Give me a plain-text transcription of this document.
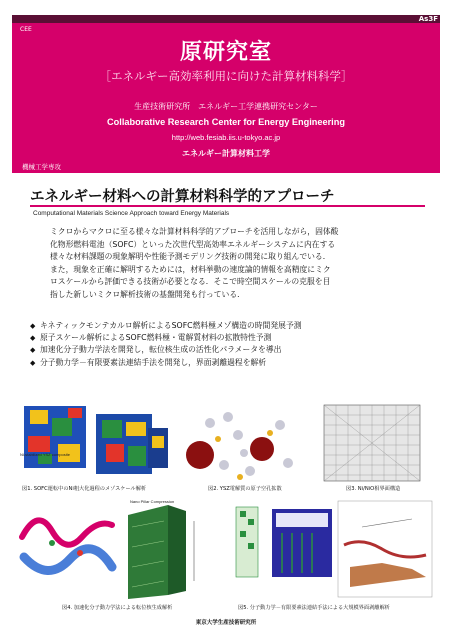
As3F
CEE
原研究室
［エネルギー高効率利用に向けた計算材料科学］
生産技術研究所　エネルギー工学連携研究センター
Collaborative Research Center for Energy Engineering
http://web.fesiab.iis.u-tokyo.ac.jp
エネルギー計算材料工学
機械工学専攻
エネルギー材料への計算材料科学的アプローチ
Computational Materials Science Approach toward Energy Materials
ミクロからマクロに至る様々な計算材料科学的アプローチを活用しながら，固体酸
化物形燃料電池（SOFC）といった次世代型高効率エネルギーシステムに内在する
様々な材料課題の現象解明や性能予測モデリング技術の開発に取り組んでいる．
また，現象を正確に解明するためには，材料挙動の速度論的情報を高精度にミク
ロスケールから評価できる技術が必要となる．そこで時空間スケールの克服を目
指した新しいミクロ解析技術の基盤開発も行っている．
◆ キネティックモンテカルロ解析によるSOFC燃料極メゾ構造の時間発展予測
◆ 原子スケール解析によるSOFC燃料極・電解質材料の拡散特性予測
◆ 加速化分子動力学法を開発し，転位核生成の活性化パラメータを導出
◆ 分子動力学－有限要素法連結手法を開発し，界面剥離過程を解析
Ni-stabilized YSZ composite
図1. SOFC運転中のNi粗大化過程のメゾスケール解析	図2. YSZ電解質の原子空孔拡散	図3. Ni/NiO相界面構造
Nano Pillar Compression
図4. 加速化分子動力学法による転位核生成解析	図5. 分子動力学－有限要素法連結手法による大規模界面剥離解析
東京大学生産技術研究所
